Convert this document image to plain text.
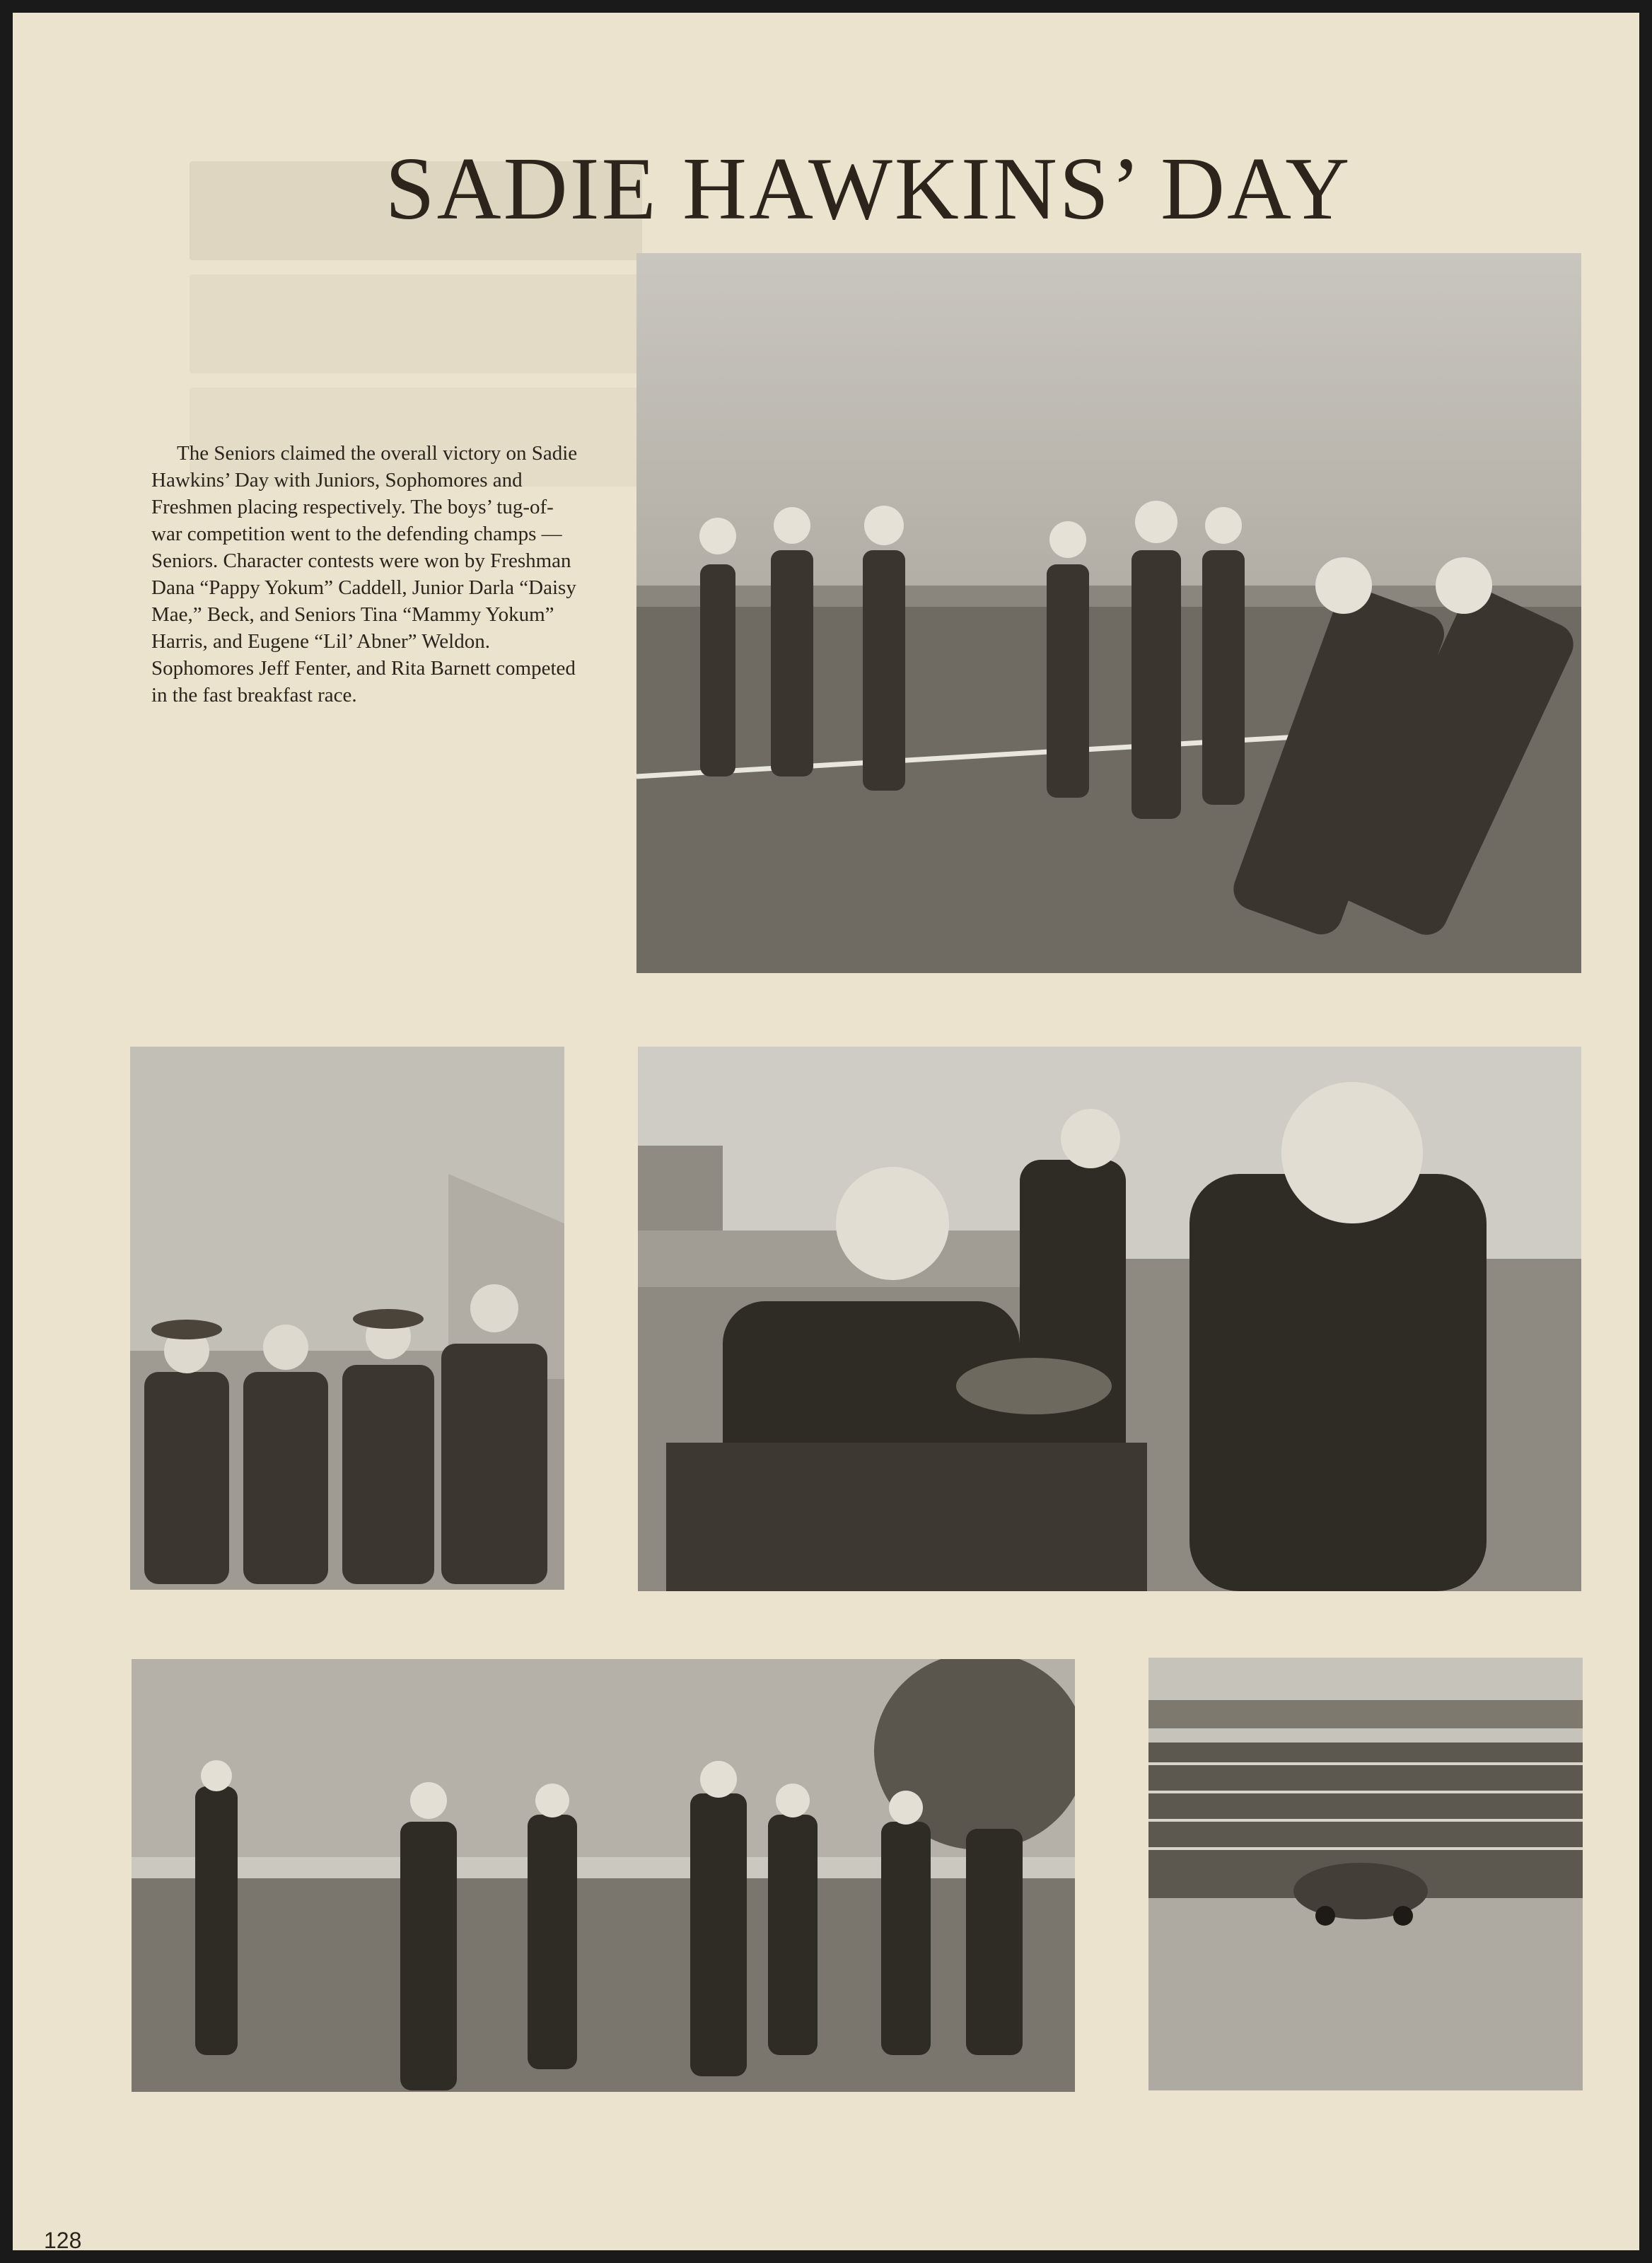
SADIE HAWKINS’ DAY

The Seniors claimed the overall victory on Sadie Hawkins’ Day with Juniors, Sophomores and Freshmen placing respectively. The boys’ tug-of-war competition went to the defending champs — Seniors. Character contests were won by Freshman Dana “Pappy Yokum” Caddell, Junior Darla “Daisy Mae,” Beck, and Seniors Tina “Mammy Yokum” Harris, and Eugene “Lil’ Abner” Weldon. Sophomores Jeff Fenter, and Rita Barnett competed in the fast breakfast race.

128
